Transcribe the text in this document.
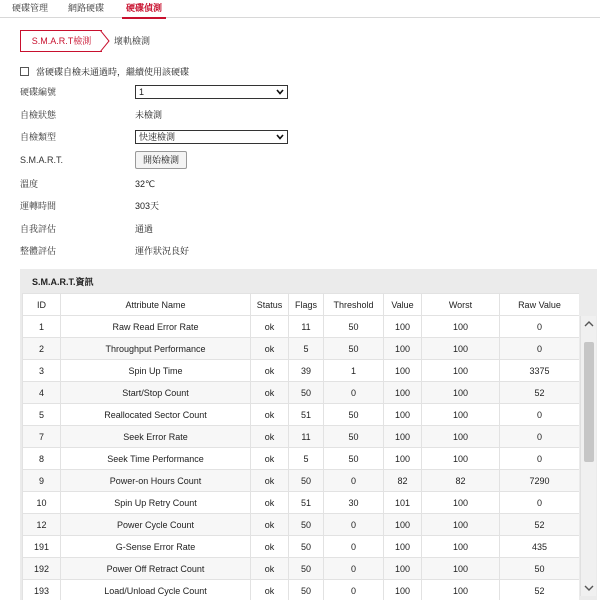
硬碟管理 網路硬碟 硬碟偵測
S.M.A.R.T檢測	壞軌檢測
當硬碟自檢未通過時，繼續使用該硬碟
硬碟編號	1
自檢狀態	未檢測
自檢類型	快速檢測
S.M.A.R.T.	開始檢測
溫度	32℃
運轉時間	303天
自我評估	通過
整體評估	運作狀況良好
S.M.A.R.T.資訊
ID	Attribute Name	Status	Flags	Threshold	Value	Worst	Raw Value
1	Raw Read Error Rate	ok	11	50	100	100	0
2	Throughput Performance	ok	5	50	100	100	0
3	Spin Up Time	ok	39	1	100	100	3375
4	Start/Stop Count	ok	50	0	100	100	52
5	Reallocated Sector Count	ok	51	50	100	100	0
7	Seek Error Rate	ok	11	50	100	100	0
8	Seek Time Performance	ok	5	50	100	100	0
9	Power-on Hours Count	ok	50	0	82	82	7290
10	Spin Up Retry Count	ok	51	30	101	100	0
12	Power Cycle Count	ok	50	0	100	100	52
191	G-Sense Error Rate	ok	50	0	100	100	435
192	Power Off Retract Count	ok	50	0	100	100	50
193	Load/Unload Cycle Count	ok	50	0	100	100	52
